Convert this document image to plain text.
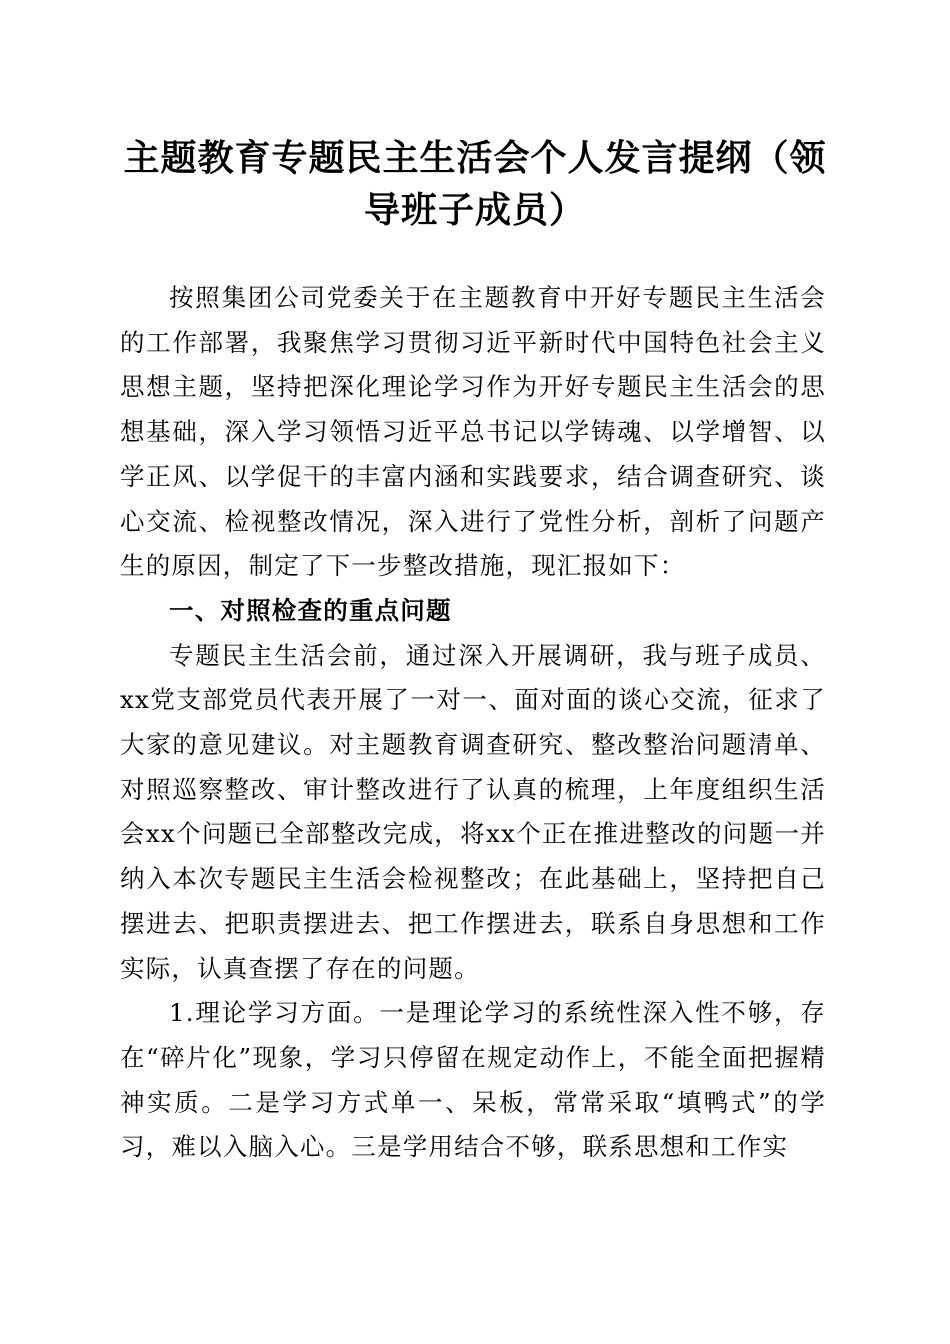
主题教育专题民主生活会个人发言提纲（领导班子成员）

按照集团公司党委关于在主题教育中开好专题民主生活会的工作部署，我聚焦学习贯彻习近平新时代中国特色社会主义思想主题，坚持把深化理论学习作为开好专题民主生活会的思想基础，深入学习领悟习近平总书记以学铸魂、以学增智、以学正风、以学促干的丰富内涵和实践要求，结合调查研究、谈心交流、检视整改情况，深入进行了党性分析，剖析了问题产生的原因，制定了下一步整改措施，现汇报如下：

一、对照检查的重点问题

专题民主生活会前，通过深入开展调研，我与班子成员、xx党支部党员代表开展了一对一、面对面的谈心交流，征求了大家的意见建议。对主题教育调查研究、整改整治问题清单、对照巡察整改、审计整改进行了认真的梳理，上年度组织生活会xx个问题已全部整改完成，将xx个正在推进整改的问题一并纳入本次专题民主生活会检视整改；在此基础上，坚持把自己摆进去、把职责摆进去、把工作摆进去，联系自身思想和工作实际，认真查摆了存在的问题。

1.理论学习方面。一是理论学习的系统性深入性不够，存在“碎片化”现象，学习只停留在规定动作上，不能全面把握精神实质。二是学习方式单一、呆板，常常采取“填鸭式”的学习，难以入脑入心。三是学用结合不够，联系思想和工作实
